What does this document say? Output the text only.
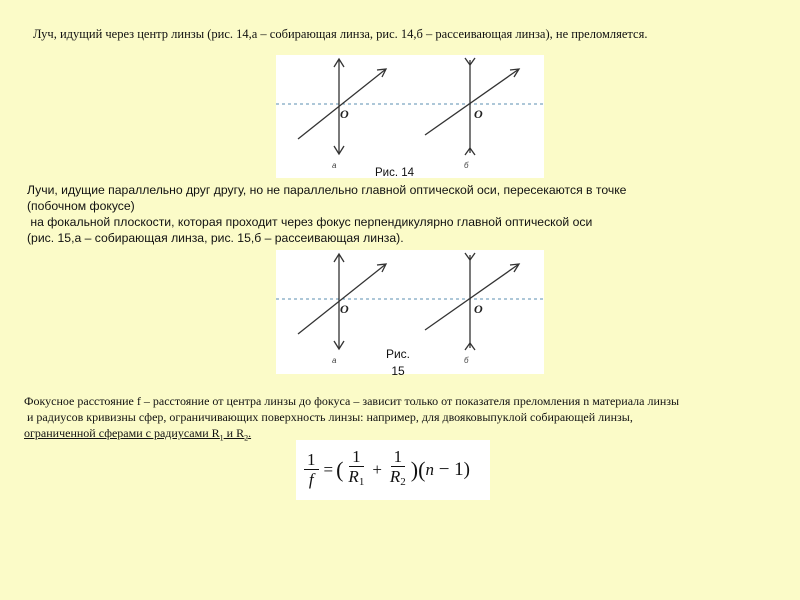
Луч, идущий через центр линзы (рис. 14,а – собирающая линза, рис. 14,б – рассеивающая линза), не преломляется.
O
а
O
б
Рис. 14
Лучи, идущие параллельно друг другу, но не параллельно главной оптической оси, пересекаются в точке
(побочном фокусе)
на фокальной плоскости, которая проходит через фокус перпендикулярно главной оптической оси
(рис. 15,а – собирающая линза, рис. 15,б – рассеивающая линза).
O
а
O
б
Рис.
15
Фокусное расстояние f – расстояние от центра линзы до фокуса – зависит только от показателя преломления n материала линзы
и радиусов кривизны сфер, ограничивающих поверхность линзы: например, для двояковыпуклой собирающей линзы,
ограниченной сферами с радиусами $R_1$ и $R_2$.
$\frac{1}{f}$ = ( $\frac{1}{R_1} + \frac{1}{R_2}$ )( n − 1)
